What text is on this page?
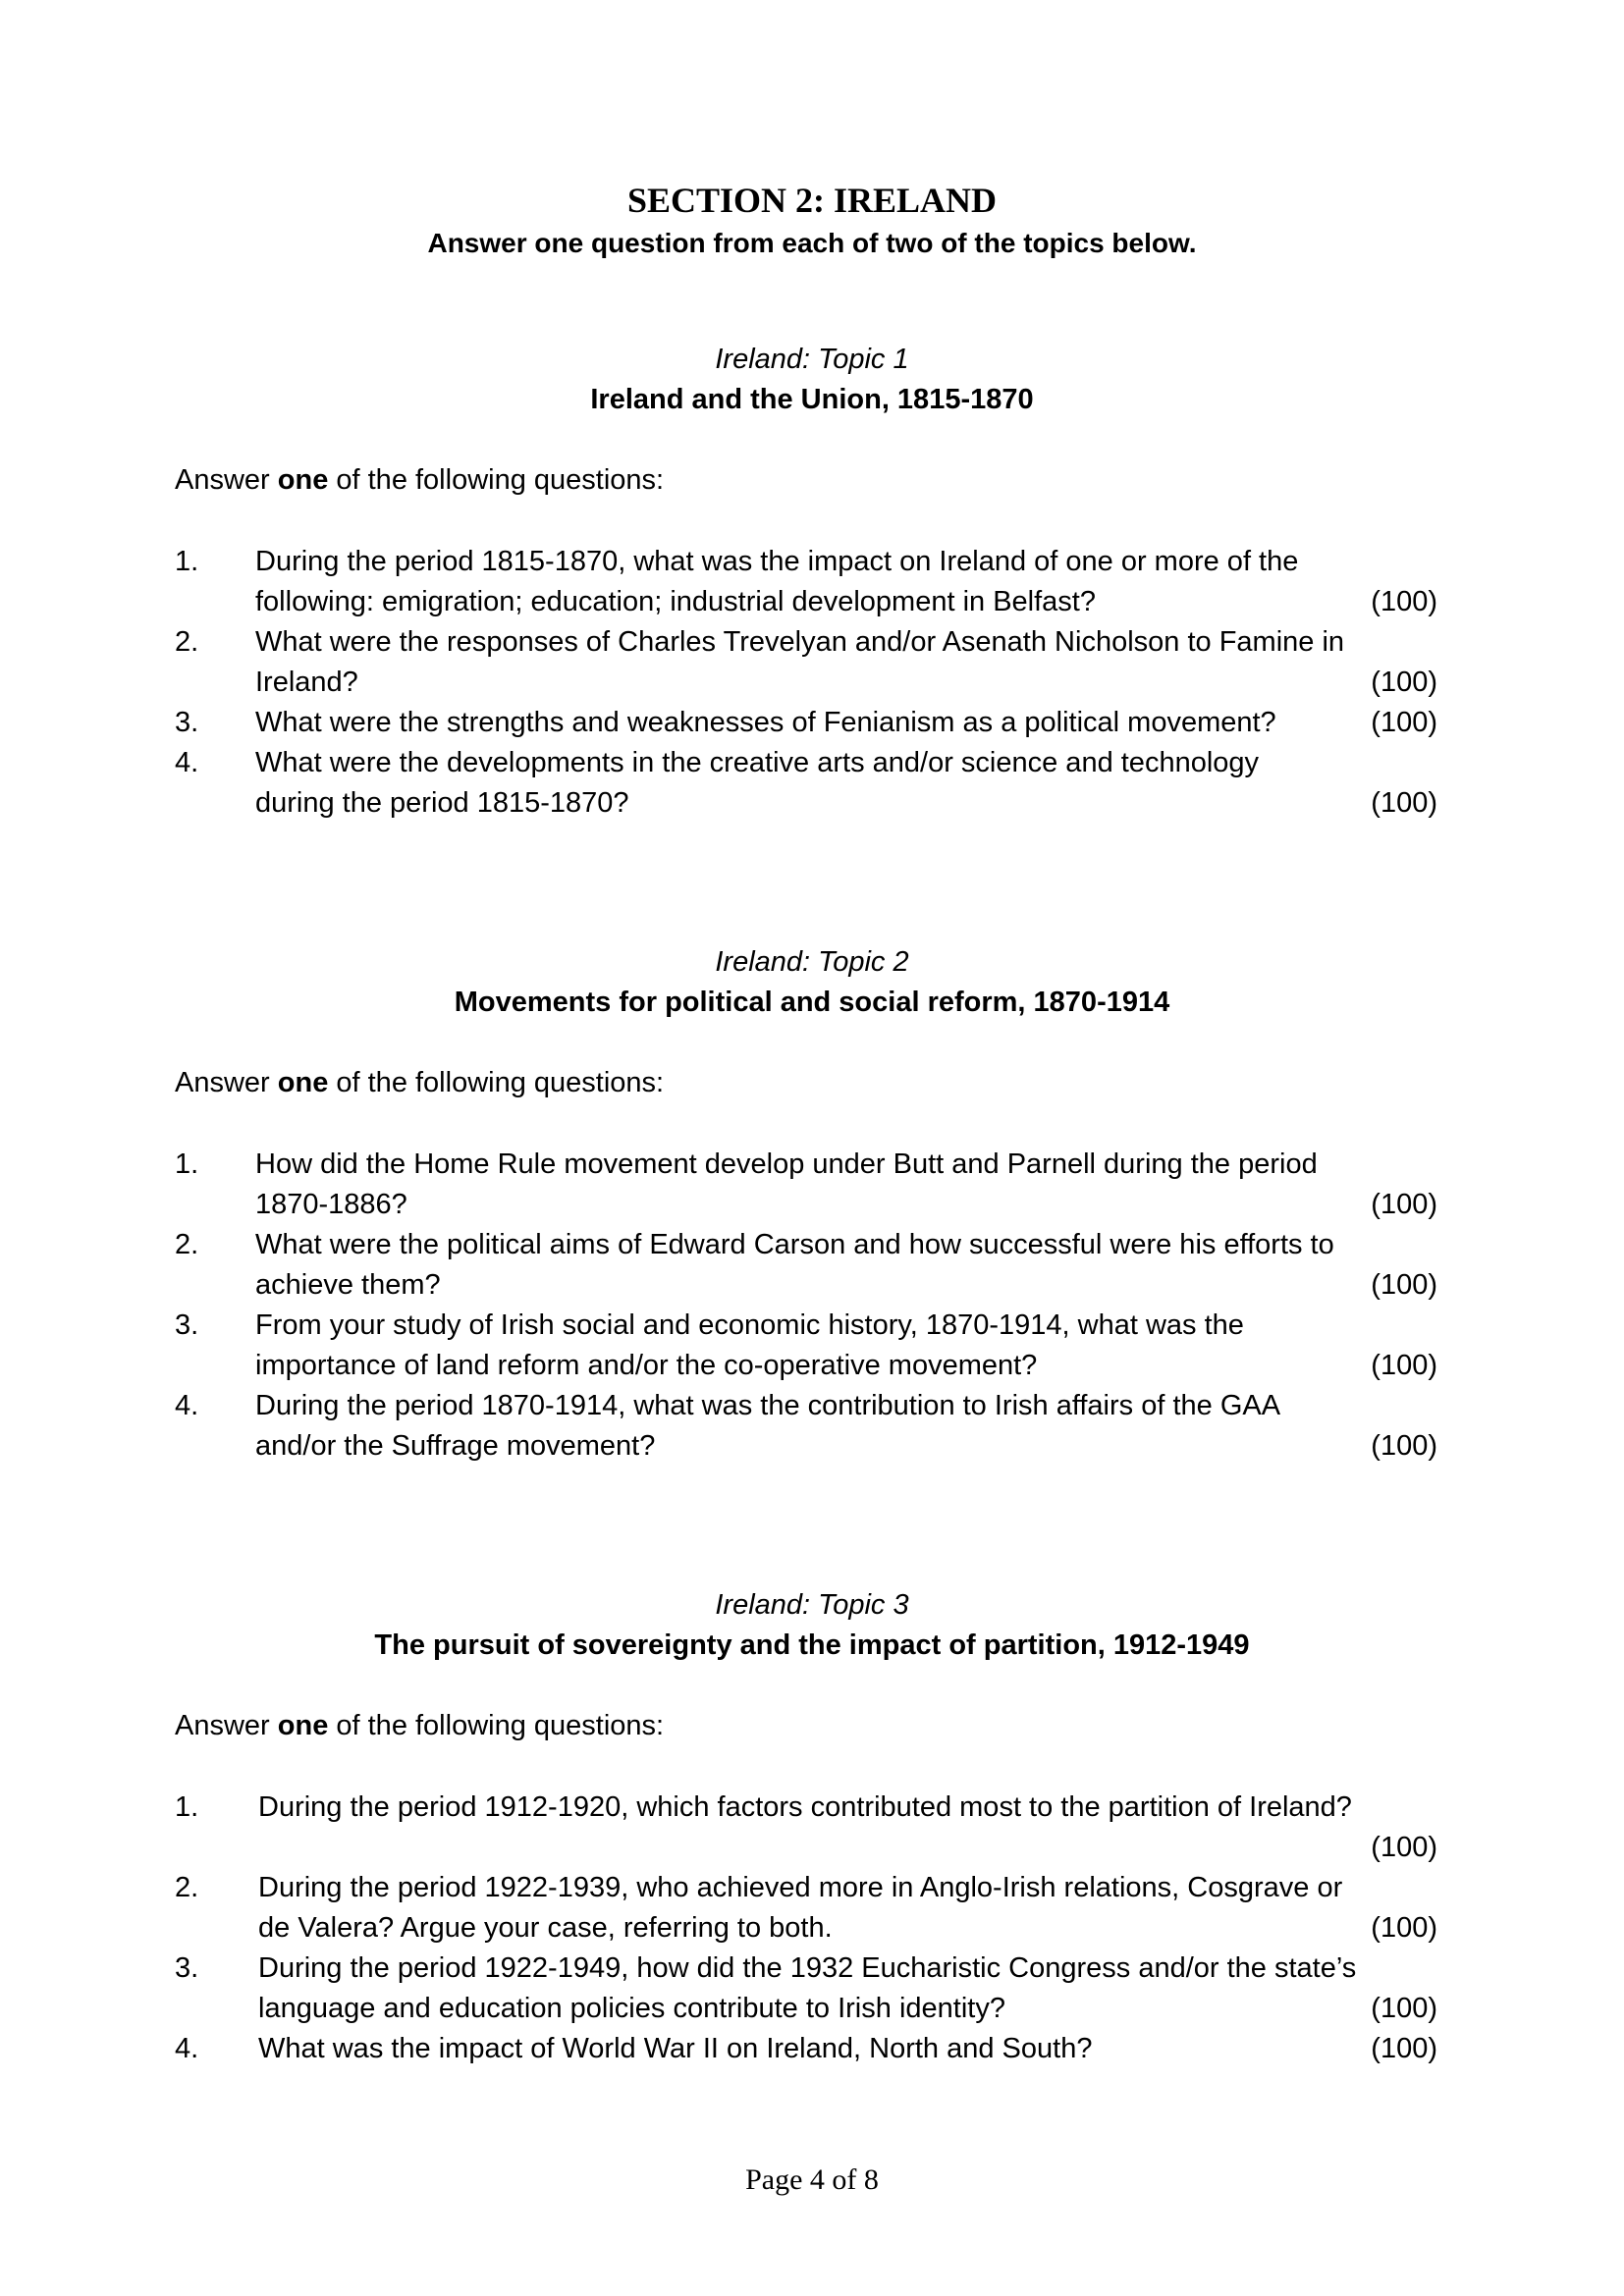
SECTION 2: IRELAND

Answer one question from each of two of the topics below.

Ireland: Topic 1

Ireland and the Union, 1815-1870

Answer one of the following questions:

1. During the period 1815-1870, what was the impact on Ireland of one or more of the
following: emigration; education; industrial development in Belfast?	(100)
2. What were the responses of Charles Trevelyan and/or Asenath Nicholson to Famine in
Ireland?	(100)
3. What were the strengths and weaknesses of Fenianism as a political movement?	(100)
4. What were the developments in the creative arts and/or science and technology
during the period 1815-1870?	(100)

Ireland: Topic 2

Movements for political and social reform, 1870-1914

Answer one of the following questions:

1. How did the Home Rule movement develop under Butt and Parnell during the period
1870-1886?	(100)
2. What were the political aims of Edward Carson and how successful were his efforts to
achieve them?	(100)
3. From your study of Irish social and economic history, 1870-1914, what was the
importance of land reform and/or the co-operative movement?	(100)
4. During the period 1870-1914, what was the contribution to Irish affairs of the GAA
and/or the Suffrage movement?	(100)

Ireland: Topic 3

The pursuit of sovereignty and the impact of partition, 1912-1949

Answer one of the following questions:

1. During the period 1912-1920, which factors contributed most to the partition of Ireland?
(100)
2. During the period 1922-1939, who achieved more in Anglo-Irish relations, Cosgrave or
de Valera? Argue your case, referring to both.	(100)
3. During the period 1922-1949, how did the 1932 Eucharistic Congress and/or the state’s
language and education policies contribute to Irish identity?	(100)
4. What was the impact of World War II on Ireland, North and South?	(100)

Page 4 of 8
